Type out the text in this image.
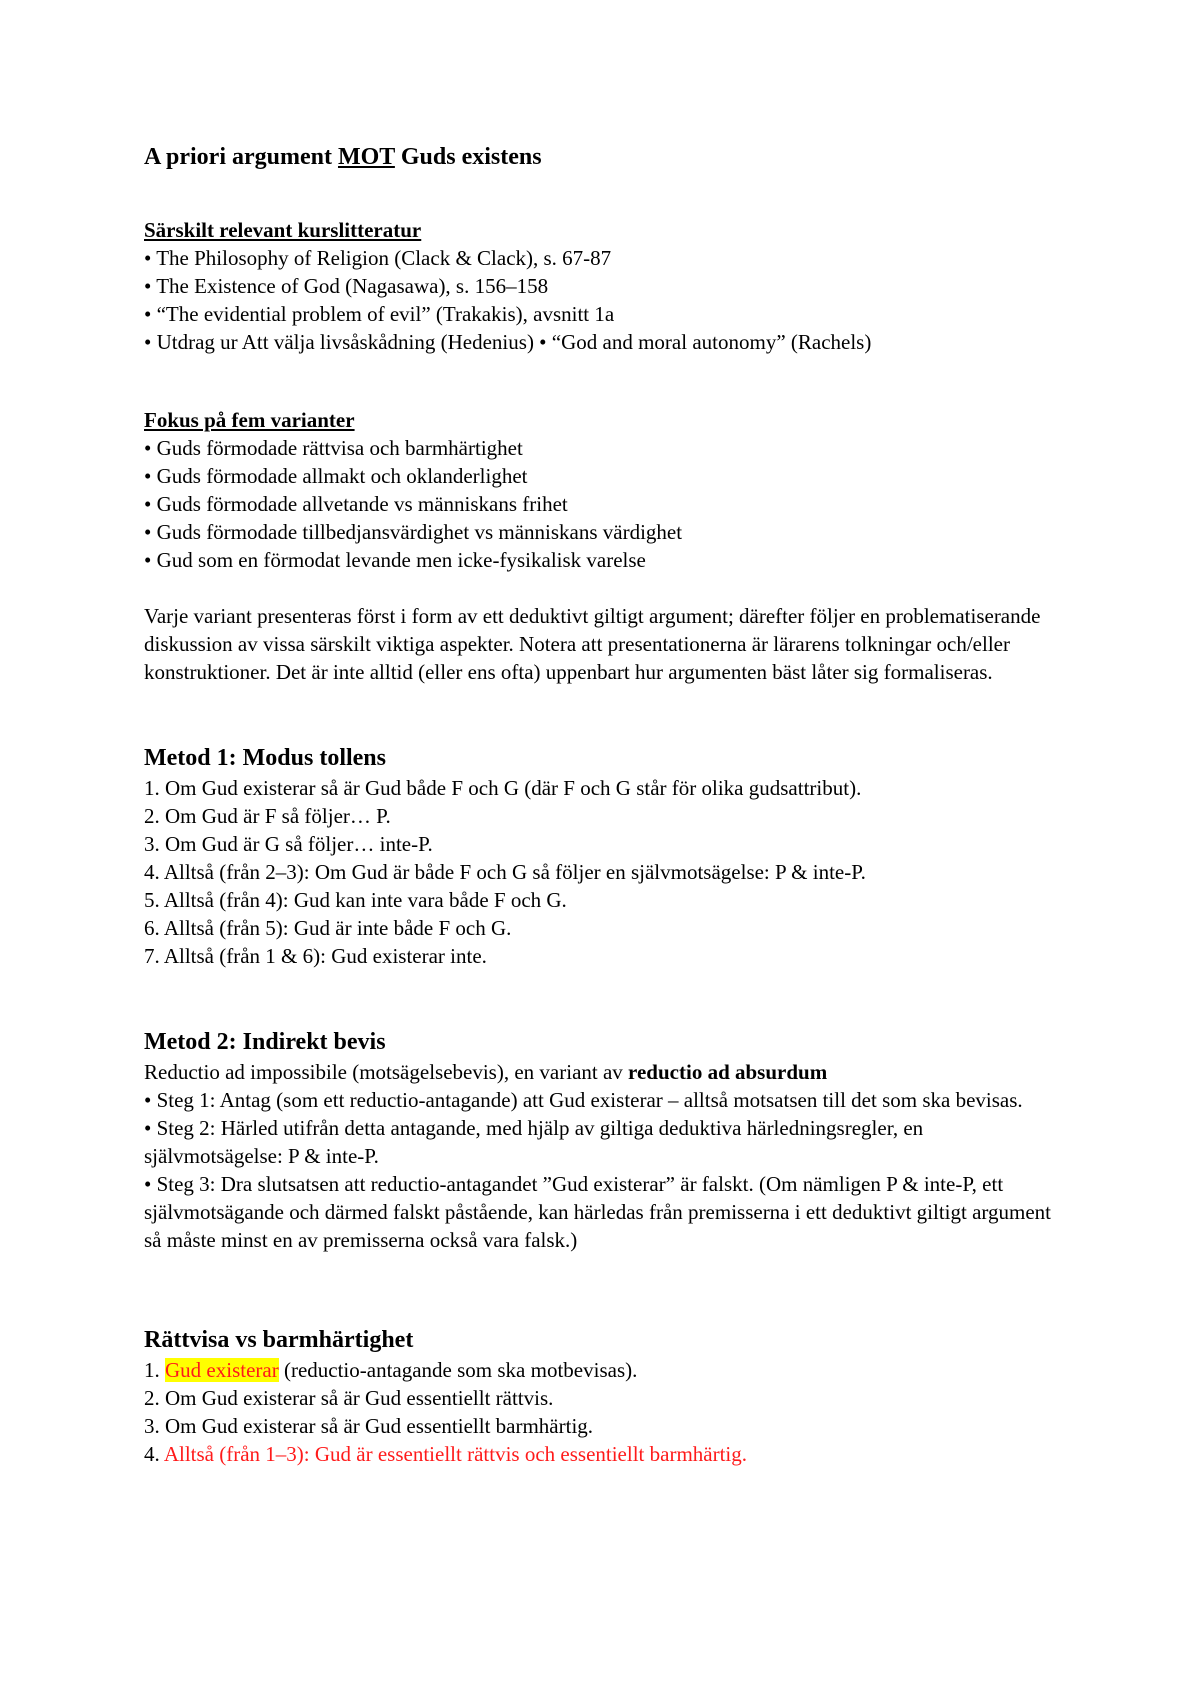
A priori argument MOT Guds existens

Särskilt relevant kurslitteratur

• The Philosophy of Religion (Clack & Clack), s. 67-87

• The Existence of God (Nagasawa), s. 156–158

• “The evidential problem of evil” (Trakakis), avsnitt 1a

• Utdrag ur Att välja livsåskådning (Hedenius) • “God and moral autonomy” (Rachels)

Fokus på fem varianter

• Guds förmodade rättvisa och barmhärtighet

• Guds förmodade allmakt och oklanderlighet

• Guds förmodade allvetande vs människans frihet

• Guds förmodade tillbedjansvärdighet vs människans värdighet

• Gud som en förmodat levande men icke-fysikalisk varelse

Varje variant presenteras först i form av ett deduktivt giltigt argument; därefter följer en problematiserande diskussion av vissa särskilt viktiga aspekter. Notera att presentationerna är lärarens tolkningar och/eller konstruktioner. Det är inte alltid (eller ens ofta) uppenbart hur argumenten bäst låter sig formaliseras.

Metod 1: Modus tollens

1. Om Gud existerar så är Gud både F och G (där F och G står för olika gudsattribut).

2. Om Gud är F så följer… P.

3. Om Gud är G så följer… inte-P.

4. Alltså (från 2–3): Om Gud är både F och G så följer en självmotsägelse: P & inte-P.

5. Alltså (från 4): Gud kan inte vara både F och G.

6. Alltså (från 5): Gud är inte både F och G.

7. Alltså (från 1 & 6): Gud existerar inte.

Metod 2: Indirekt bevis

Reductio ad impossibile (motsägelsebevis), en variant av reductio ad absurdum

• Steg 1: Antag (som ett reductio-antagande) att Gud existerar – alltså motsatsen till det som ska bevisas.

• Steg 2: Härled utifrån detta antagande, med hjälp av giltiga deduktiva härledningsregler, en självmotsägelse: P & inte-P.

• Steg 3: Dra slutsatsen att reductio-antagandet ”Gud existerar” är falskt. (Om nämligen P & inte-P, ett självmotsägande och därmed falskt påstående, kan härledas från premisserna i ett deduktivt giltigt argument så måste minst en av premisserna också vara falsk.)

Rättvisa vs barmhärtighet

1. Gud existerar (reductio-antagande som ska motbevisas).

2. Om Gud existerar så är Gud essentiellt rättvis.

3. Om Gud existerar så är Gud essentiellt barmhärtig.

4. Alltså (från 1–3): Gud är essentiellt rättvis och essentiellt barmhärtig.
